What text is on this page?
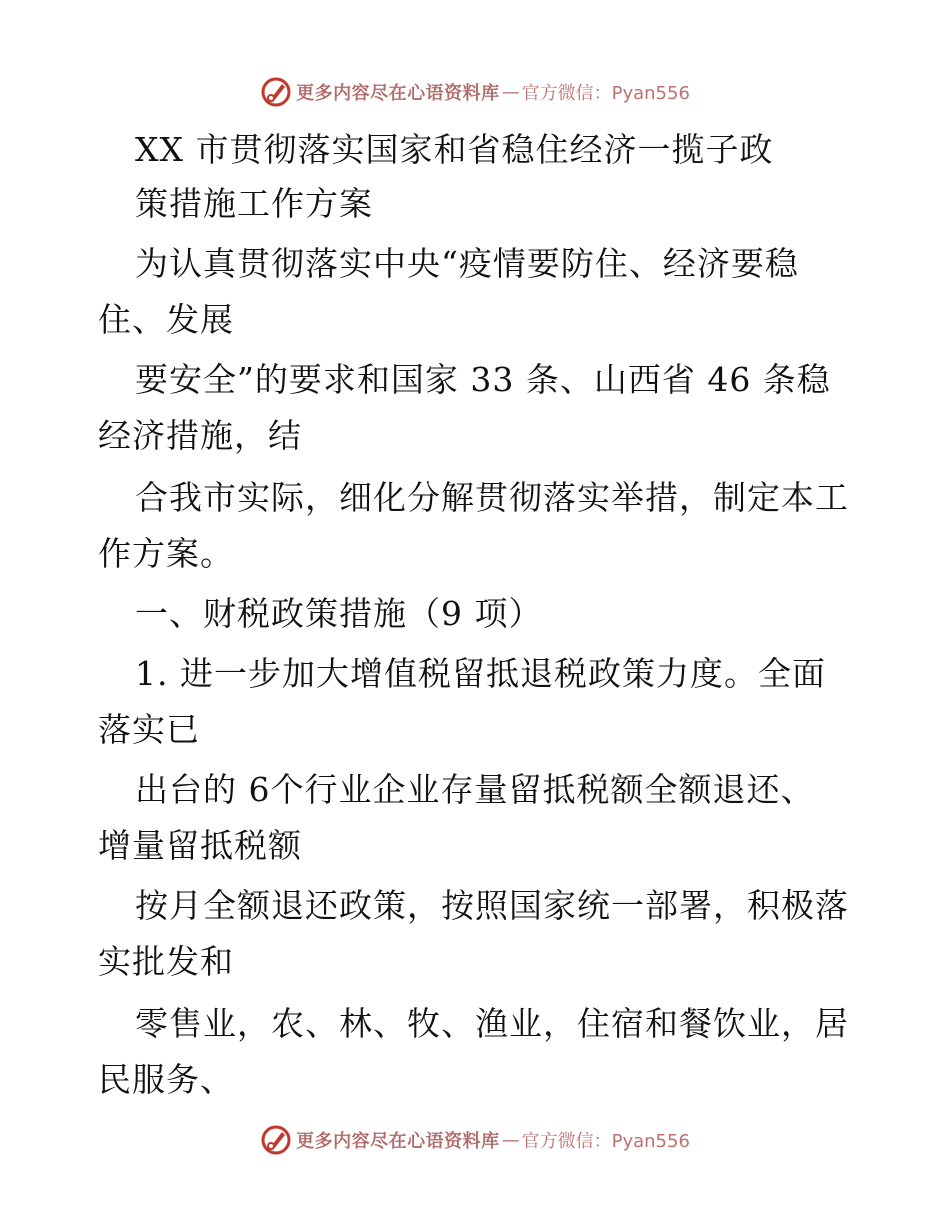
更多内容尽在心语资料库 — 官方微信：Pyan556
XX 市贯彻落实国家和省稳住经济一揽子政
策措施工作方案
为认真贯彻落实中央“疫情要防住、经济要稳
住、发展
要安全”的要求和国家 33 条、山西省 46 条稳
经济措施，结
合我市实际，细化分解贯彻落实举措，制定本工
作方案。
一、财税政策措施（9 项）
1. 进一步加大增值税留抵退税政策力度。全面
落实已
出台的 6个行业企业存量留抵税额全额退还、
增量留抵税额
按月全额退还政策，按照国家统一部署，积极落
实批发和
零售业，农、林、牧、渔业，住宿和餐饮业，居
民服务、
更多内容尽在心语资料库 — 官方微信：Pyan556
